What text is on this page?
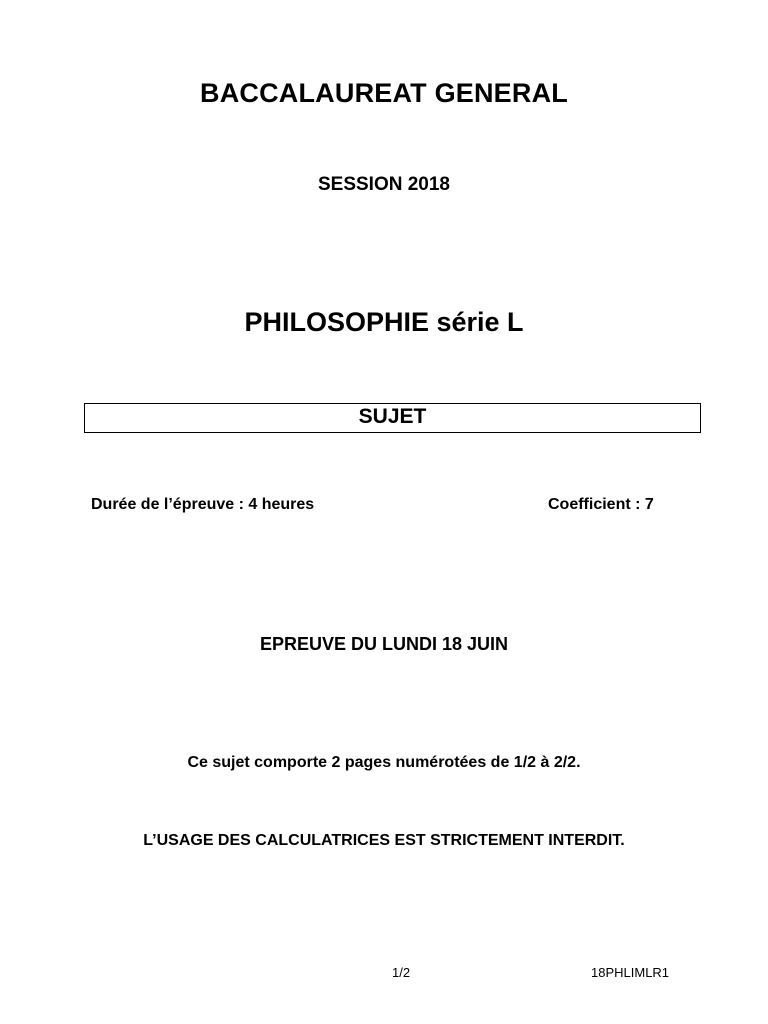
BACCALAUREAT GENERAL
SESSION 2018
PHILOSOPHIE série L
SUJET
Durée de l’épreuve : 4 heures	Coefficient : 7
EPREUVE DU LUNDI 18 JUIN
Ce sujet comporte 2 pages numérotées de 1/2 à 2/2.
L’USAGE DES CALCULATRICES EST STRICTEMENT INTERDIT.
1/2	18PHLIMLR1
